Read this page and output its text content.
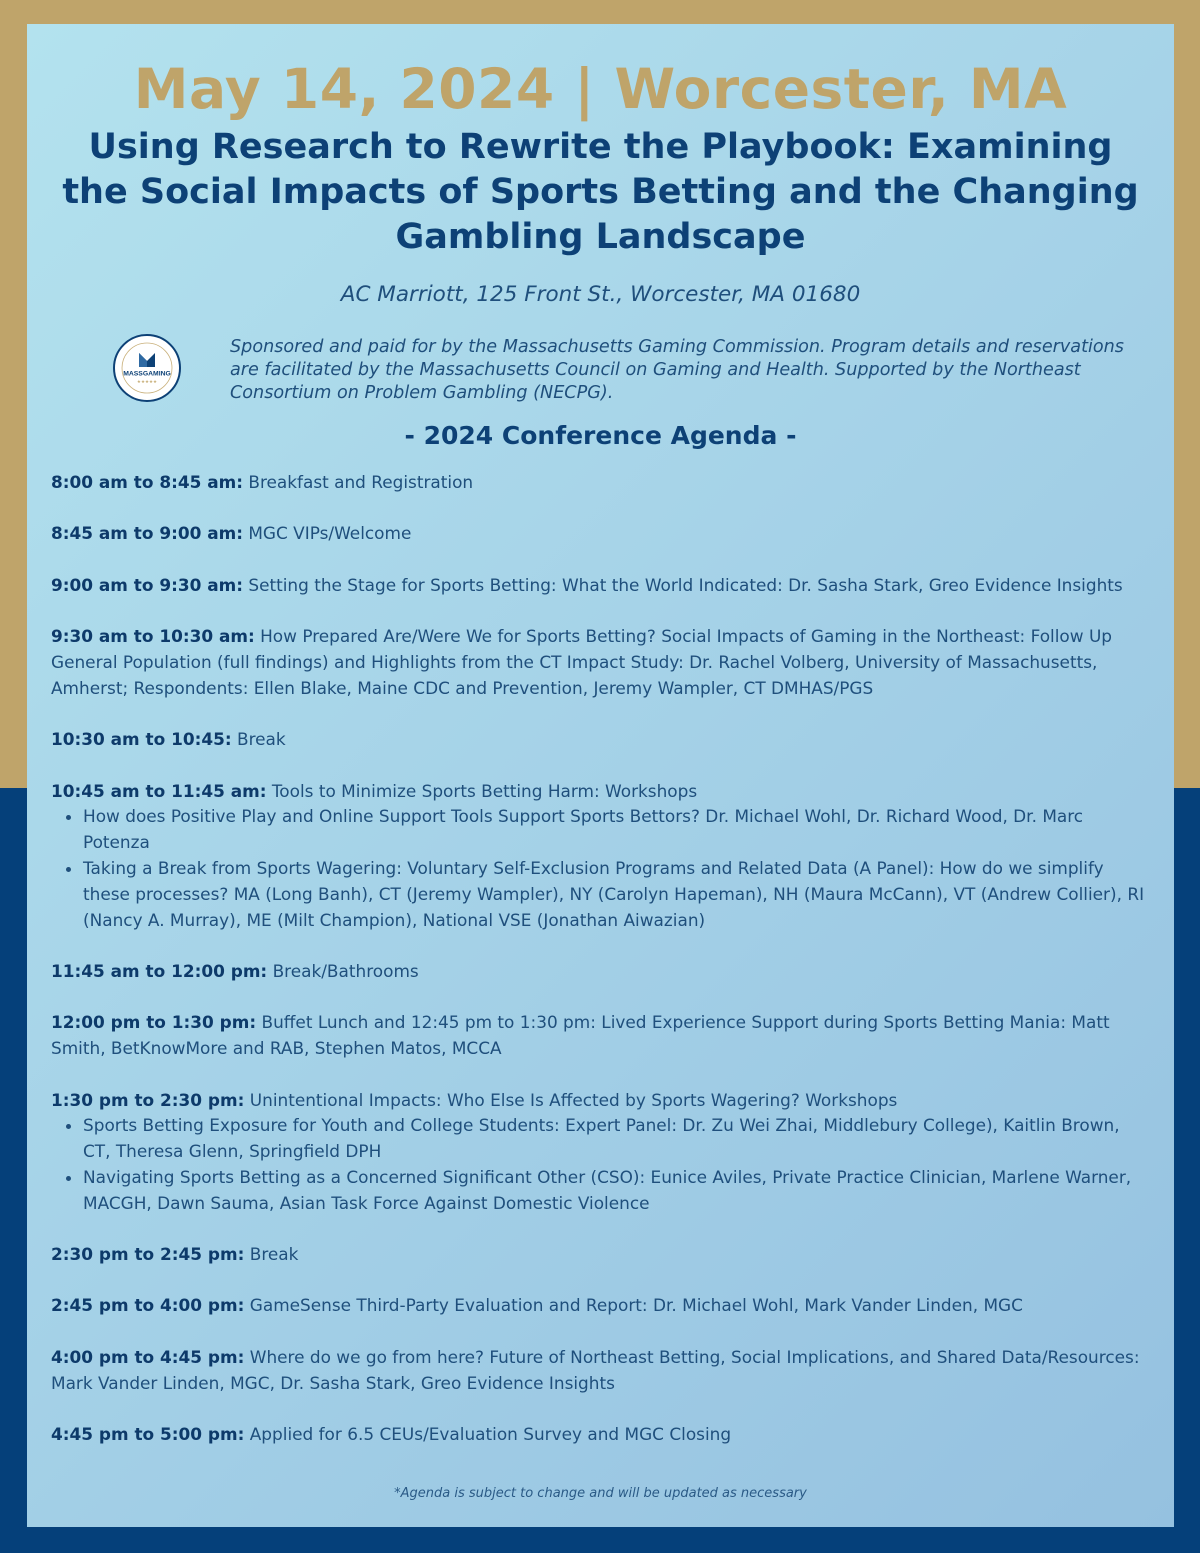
May 14, 2024 | Worcester, MA
Using Research to Rewrite the Playbook: Examining the Social Impacts of Sports Betting and the Changing Gambling Landscape
AC Marriott, 125 Front St., Worcester, MA 01680
MASSGAMING
★★★★★
Sponsored and paid for by the Massachusetts Gaming Commission. Program details and reservations are facilitated by the Massachusetts Council on Gaming and Health. Supported by the Northeast Consortium on Problem Gambling (NECPG).
- 2024 Conference Agenda -
8:00 am to 8:45 am: Breakfast and Registration
8:45 am to 9:00 am: MGC VIPs/Welcome
9:00 am to 9:30 am: Setting the Stage for Sports Betting: What the World Indicated: Dr. Sasha Stark, Greo Evidence Insights
9:30 am to 10:30 am: How Prepared Are/Were We for Sports Betting? Social Impacts of Gaming in the Northeast: Follow Up General Population (full findings) and Highlights from the CT Impact Study: Dr. Rachel Volberg, University of Massachusetts, Amherst; Respondents: Ellen Blake, Maine CDC and Prevention, Jeremy Wampler, CT DMHAS/PGS
10:30 am to 10:45: Break
10:45 am to 11:45 am: Tools to Minimize Sports Betting Harm: Workshops
• How does Positive Play and Online Support Tools Support Sports Bettors? Dr. Michael Wohl, Dr. Richard Wood, Dr. Marc Potenza
• Taking a Break from Sports Wagering: Voluntary Self-Exclusion Programs and Related Data (A Panel): How do we simplify these processes? MA (Long Banh), CT (Jeremy Wampler), NY (Carolyn Hapeman), NH (Maura McCann), VT (Andrew Collier), RI (Nancy A. Murray), ME (Milt Champion), National VSE (Jonathan Aiwazian)
11:45 am to 12:00 pm: Break/Bathrooms
12:00 pm to 1:30 pm: Buffet Lunch and 12:45 pm to 1:30 pm: Lived Experience Support during Sports Betting Mania: Matt Smith, BetKnowMore and RAB, Stephen Matos, MCCA
1:30 pm to 2:30 pm: Unintentional Impacts: Who Else Is Affected by Sports Wagering? Workshops
• Sports Betting Exposure for Youth and College Students: Expert Panel: Dr. Zu Wei Zhai, Middlebury College), Kaitlin Brown, CT, Theresa Glenn, Springfield DPH
• Navigating Sports Betting as a Concerned Significant Other (CSO): Eunice Aviles, Private Practice Clinician, Marlene Warner, MACGH, Dawn Sauma, Asian Task Force Against Domestic Violence
2:30 pm to 2:45 pm: Break
2:45 pm to 4:00 pm: GameSense Third-Party Evaluation and Report: Dr. Michael Wohl, Mark Vander Linden, MGC
4:00 pm to 4:45 pm: Where do we go from here? Future of Northeast Betting, Social Implications, and Shared Data/Resources: Mark Vander Linden, MGC, Dr. Sasha Stark, Greo Evidence Insights
4:45 pm to 5:00 pm: Applied for 6.5 CEUs/Evaluation Survey and MGC Closing
*Agenda is subject to change and will be updated as necessary
